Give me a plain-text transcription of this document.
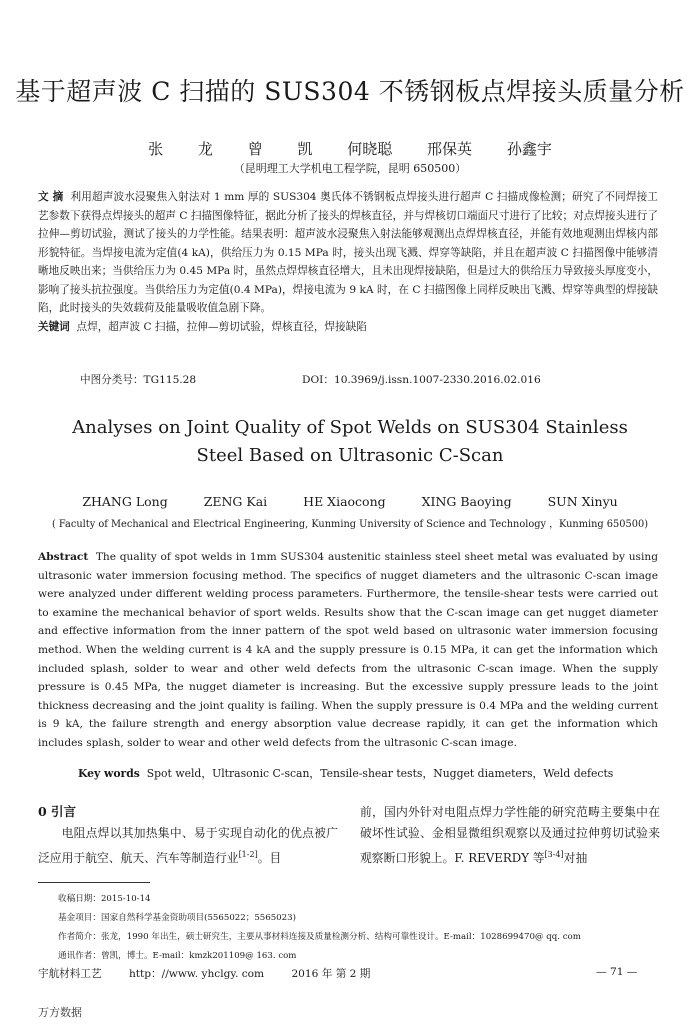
基于超声波 C 扫描的 SUS304 不锈钢板点焊接头质量分析
张 龙 曾 凯 何晓聪 邢保英 孙鑫宇
（昆明理工大学机电工程学院，昆明 650500）
文 摘 利用超声波水浸聚焦入射法对 1 mm 厚的 SUS304 奥氏体不锈钢板点焊接头进行超声 C 扫描成像检测；研究了不同焊接工艺参数下获得点焊接头的超声 C 扫描图像特征，据此分析了接头的焊核直径，并与焊核切口端面尺寸进行了比较；对点焊接头进行了拉伸—剪切试验，测试了接头的力学性能。结果表明：超声波水浸聚焦入射法能够观测出点焊焊核直径，并能有效地观测出焊核内部形貌特征。当焊接电流为定值(4 kA)，供给压力为 0.15 MPa 时，接头出现飞溅、焊穿等缺陷，并且在超声波 C 扫描图像中能够清晰地反映出来；当供给压力为 0.45 MPa 时，虽然点焊焊核直径增大，且未出现焊接缺陷，但是过大的供给压力导致接头厚度变小，影响了接头抗拉强度。当供给压力为定值(0.4 MPa)，焊接电流为 9 kA 时，在 C 扫描图像上同样反映出飞溅、焊穿等典型的焊接缺陷，此时接头的失效载荷及能量吸收值急剧下降。
关键词 点焊，超声波 C 扫描，拉伸—剪切试验，焊核直径，焊接缺陷
中图分类号：TG115.28	DOI：10.3969/j.issn.1007-2330.2016.02.016
Analyses on Joint Quality of Spot Welds on SUS304 Stainless
Steel Based on Ultrasonic C-Scan
ZHANG Long	ZENG Kai	HE Xiaocong	XING Baoying	SUN Xinyu
( Faculty of Mechanical and Electrical Engineering, Kunming University of Science and Technology ，Kunming 650500)
Abstract The quality of spot welds in 1mm SUS304 austenitic stainless steel sheet metal was evaluated by using ultrasonic water immersion focusing method. The specifics of nugget diameters and the ultrasonic C-scan image were analyzed under different welding process parameters. Furthermore, the tensile-shear tests were carried out to examine the mechanical behavior of sport welds. Results show that the C-scan image can get nugget diameter and effective information from the inner pattern of the spot weld based on ultrasonic water immersion focusing method. When the welding current is 4 kA and the supply pressure is 0.15 MPa, it can get the information which included splash, solder to wear and other weld defects from the ultrasonic C-scan image. When the supply pressure is 0.45 MPa, the nugget diameter is increasing. But the excessive supply pressure leads to the joint thickness decreasing and the joint quality is failing. When the supply pressure is 0.4 MPa and the welding current is 9 kA, the failure strength and energy absorption value decrease rapidly, it can get the information which includes splash, solder to wear and other weld defects from the ultrasonic C-scan image.
Key words Spot weld，Ultrasonic C-scan，Tensile-shear tests，Nugget diameters，Weld defects
0 引言
电阻点焊以其加热集中、易于实现自动化的优点被广泛应用于航空、航天、汽车等制造行业[1-2]。目
前，国内外针对电阻点焊力学性能的研究范畴主要集中在破坏性试验、金相显微组织观察以及通过拉伸剪切试验来观察断口形貌上。F. REVERDY 等[3-4]对抽
收稿日期：2015-10-14
基金项目：国家自然科学基金资助项目(5565022；5565023)
作者简介：张龙，1990 年出生，硕士研究生，主要从事材料连接及质量检测分析、结构可靠性设计。E-mail：1028699470@ qq. com
通讯作者：曾凯，博士。E-mail：kmzk201109@ 163. com
宇航材料工艺	http：//www. yhclgy. com	2016 年 第 2 期	— 71 —
万方数据
